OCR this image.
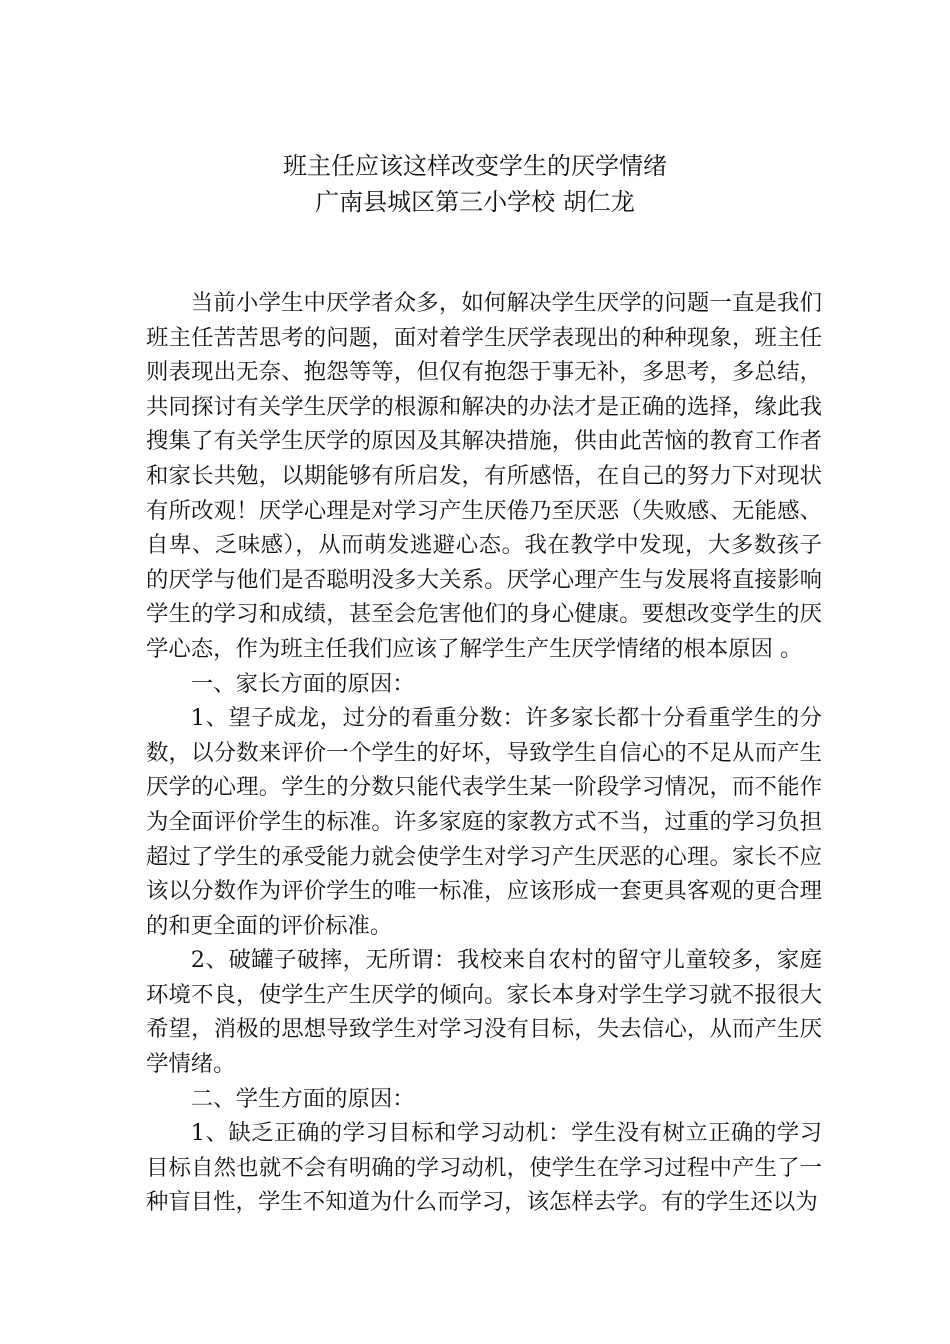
班主任应该这样改变学生的厌学情绪
广南县城区第三小学校 胡仁龙

当前小学生中厌学者众多，如何解决学生厌学的问题一直是我们班主任苦苦思考的问题，面对着学生厌学表现出的种种现象，班主任则表现出无奈、抱怨等等，但仅有抱怨于事无补，多思考，多总结，共同探讨有关学生厌学的根源和解决的办法才是正确的选择，缘此我搜集了有关学生厌学的原因及其解决措施，供由此苦恼的教育工作者和家长共勉，以期能够有所启发，有所感悟，在自己的努力下对现状有所改观！厌学心理是对学习产生厌倦乃至厌恶（失败感、无能感、自卑、乏味感），从而萌发逃避心态。我在教学中发现，大多数孩子的厌学与他们是否聪明没多大关系。厌学心理产生与发展将直接影响学生的学习和成绩，甚至会危害他们的身心健康。要想改变学生的厌学心态，作为班主任我们应该了解学生产生厌学情绪的根本原因 。

一、家长方面的原因：

1、望子成龙，过分的看重分数：许多家长都十分看重学生的分数，以分数来评价一个学生的好坏，导致学生自信心的不足从而产生厌学的心理。学生的分数只能代表学生某一阶段学习情况，而不能作为全面评价学生的标准。许多家庭的家教方式不当，过重的学习负担超过了学生的承受能力就会使学生对学习产生厌恶的心理。家长不应该以分数作为评价学生的唯一标准，应该形成一套更具客观的更合理的和更全面的评价标准。

2、破罐子破摔，无所谓：我校来自农村的留守儿童较多，家庭环境不良，使学生产生厌学的倾向。家长本身对学生学习就不报很大希望，消极的思想导致学生对学习没有目标，失去信心，从而产生厌学情绪。

二、学生方面的原因：

1、缺乏正确的学习目标和学习动机：学生没有树立正确的学习目标自然也就不会有明确的学习动机，使学生在学习过程中产生了一种盲目性，学生不知道为什么而学习，该怎样去学。有的学生还以为
